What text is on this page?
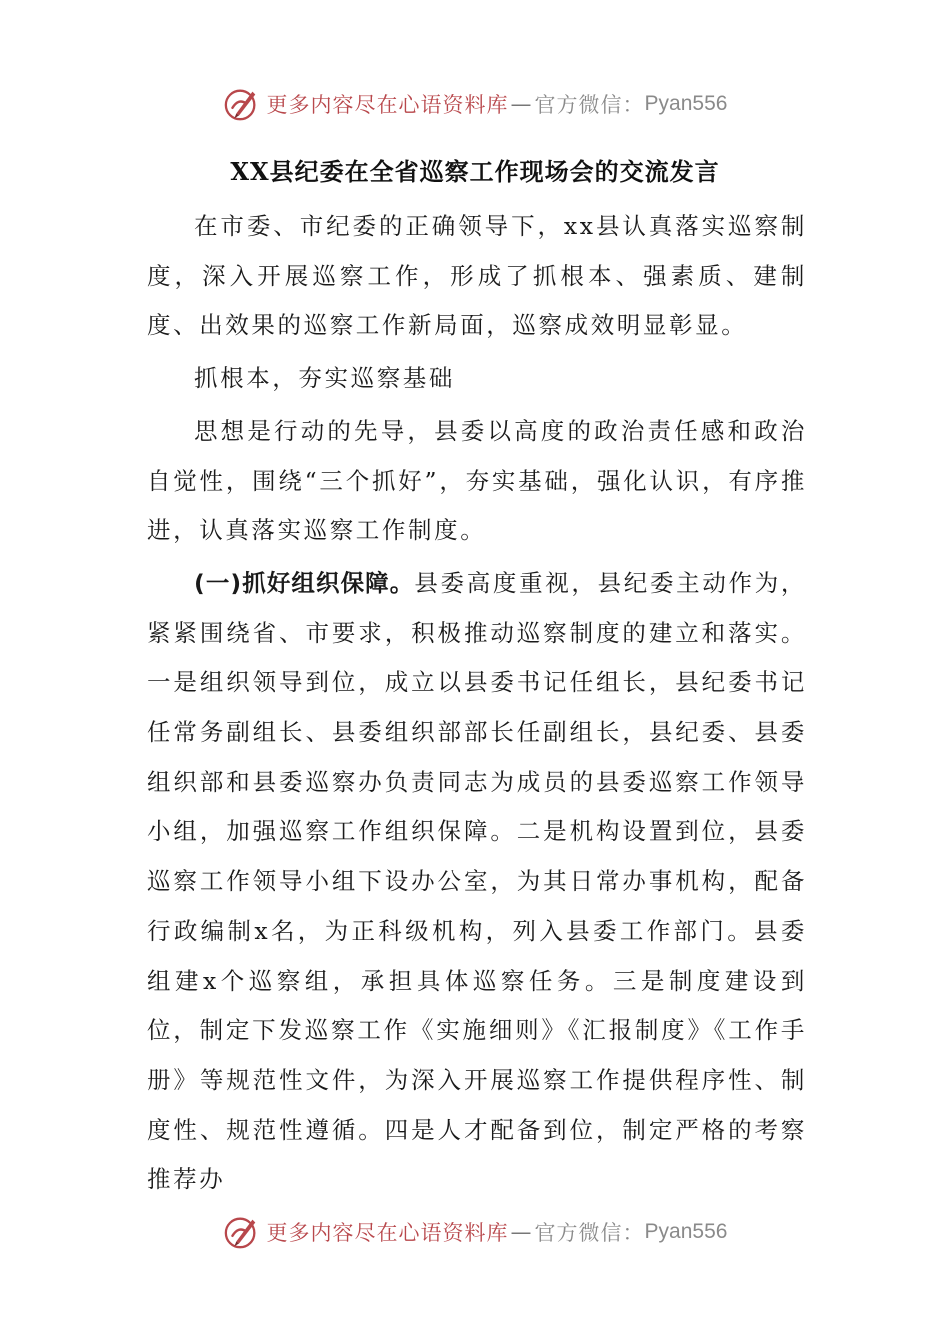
更多内容尽在心语资料库 — 官方微信： Pyan556
XX县纪委在全省巡察工作现场会的交流发言

在市委、市纪委的正确领导下，xx县认真落实巡察制度，深入开展巡察工作，形成了抓根本、强素质、建制度、出效果的巡察工作新局面，巡察成效明显彰显。

抓根本，夯实巡察基础

思想是行动的先导，县委以高度的政治责任感和政治自觉性，围绕“三个抓好”，夯实基础，强化认识，有序推进，认真落实巡察工作制度。

(一)抓好组织保障。县委高度重视，县纪委主动作为，紧紧围绕省、市要求，积极推动巡察制度的建立和落实。一是组织领导到位，成立以县委书记任组长，县纪委书记任常务副组长、县委组织部部长任副组长，县纪委、县委组织部和县委巡察办负责同志为成员的县委巡察工作领导小组，加强巡察工作组织保障。二是机构设置到位，县委巡察工作领导小组下设办公室，为其日常办事机构，配备行政编制x名，为正科级机构，列入县委工作部门。县委组建x个巡察组，承担具体巡察任务。三是制度建设到位，制定下发巡察工作《实施细则》《汇报制度》《工作手册》等规范性文件，为深入开展巡察工作提供程序性、制度性、规范性遵循。四是人才配备到位，制定严格的考察推荐办

更多内容尽在心语资料库 — 官方微信： Pyan556
